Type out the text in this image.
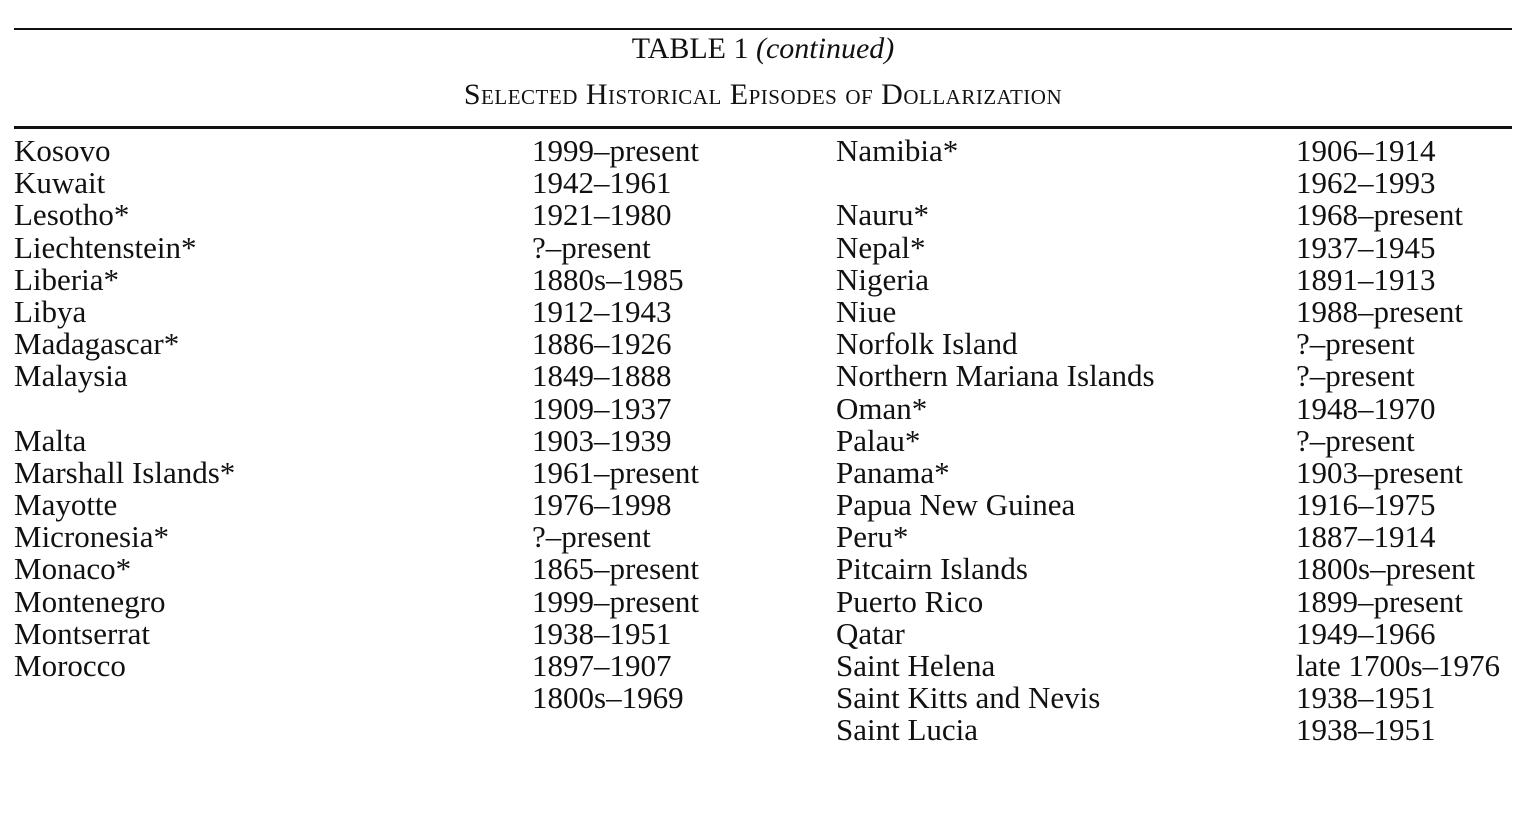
TABLE 1 (continued)
Selected Historical Episodes of Dollarization
Kosovo
Kuwait
Lesotho*
Liechtenstein*
Liberia*
Libya
Madagascar*
Malaysia
Malta
Marshall Islands*
Mayotte
Micronesia*
Monaco*
Montenegro
Montserrat
Morocco
1999–present
1942–1961
1921–1980
?–present
1880s–1985
1912–1943
1886–1926
1849–1888
1909–1937
1903–1939
1961–present
1976–1998
?–present
1865–present
1999–present
1938–1951
1897–1907
1800s–1969
Namibia*
Nauru*
Nepal*
Nigeria
Niue
Norfolk Island
Northern Mariana Islands
Oman*
Palau*
Panama*
Papua New Guinea
Peru*
Pitcairn Islands
Puerto Rico
Qatar
Saint Helena
Saint Kitts and Nevis
Saint Lucia
1906–1914
1962–1993
1968–present
1937–1945
1891–1913
1988–present
?–present
?–present
1948–1970
?–present
1903–present
1916–1975
1887–1914
1800s–present
1899–present
1949–1966
late 1700s–1976
1938–1951
1938–1951
